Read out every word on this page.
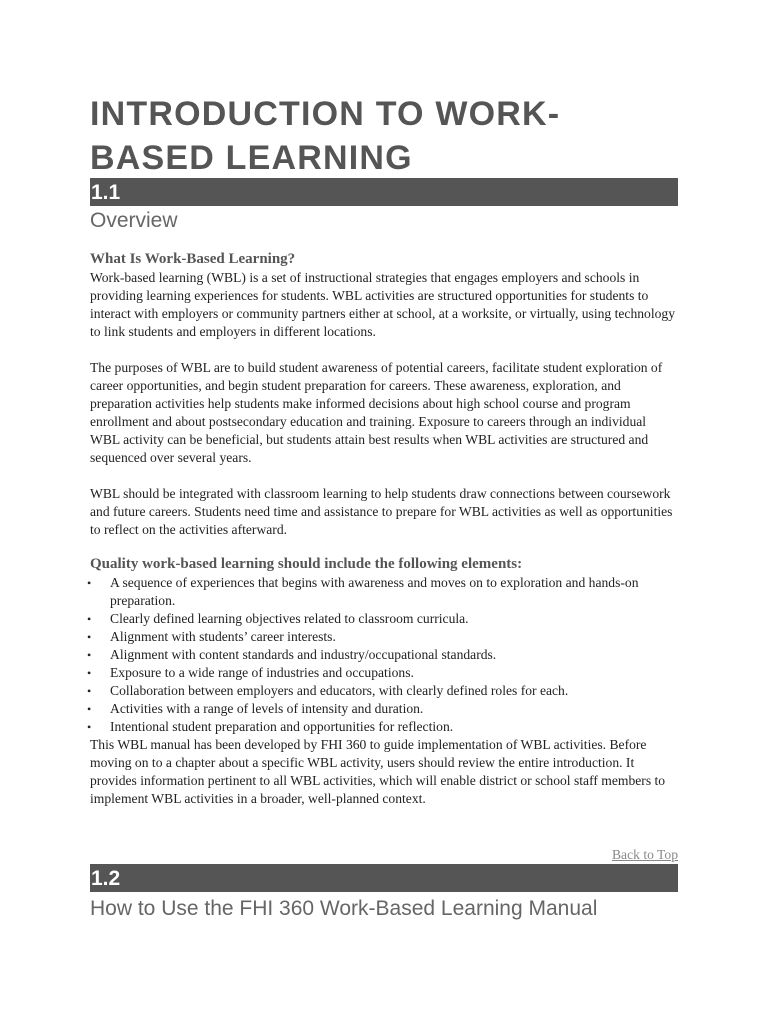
INTRODUCTION TO WORK-BASED LEARNING
1.1
Overview
What Is Work-Based Learning?

Work-based learning (WBL) is a set of instructional strategies that engages employers and schools in providing learning experiences for students. WBL activities are structured opportunities for students to interact with employers or community partners either at school, at a worksite, or virtually, using technology to link students and employers in different locations.

The purposes of WBL are to build student awareness of potential careers, facilitate student exploration of career opportunities, and begin student preparation for careers. These awareness, exploration, and preparation activities help students make informed decisions about high school course and program enrollment and about postsecondary education and training. Exposure to careers through an individual WBL activity can be beneficial, but students attain best results when WBL activities are structured and sequenced over several years.

WBL should be integrated with classroom learning to help students draw connections between coursework and future careers. Students need time and assistance to prepare for WBL activities as well as opportunities to reflect on the activities afterward.

Quality work-based learning should include the following elements:
• A sequence of experiences that begins with awareness and moves on to exploration and hands-on preparation.
• Clearly defined learning objectives related to classroom curricula.
• Alignment with students’ career interests.
• Alignment with content standards and industry/occupational standards.
• Exposure to a wide range of industries and occupations.
• Collaboration between employers and educators, with clearly defined roles for each.
• Activities with a range of levels of intensity and duration.
• Intentional student preparation and opportunities for reflection.

This WBL manual has been developed by FHI 360 to guide implementation of WBL activities. Before moving on to a chapter about a specific WBL activity, users should review the entire introduction. It provides information pertinent to all WBL activities, which will enable district or school staff members to implement WBL activities in a broader, well-planned context.

Back to Top
1.2
How to Use the FHI 360 Work-Based Learning Manual
